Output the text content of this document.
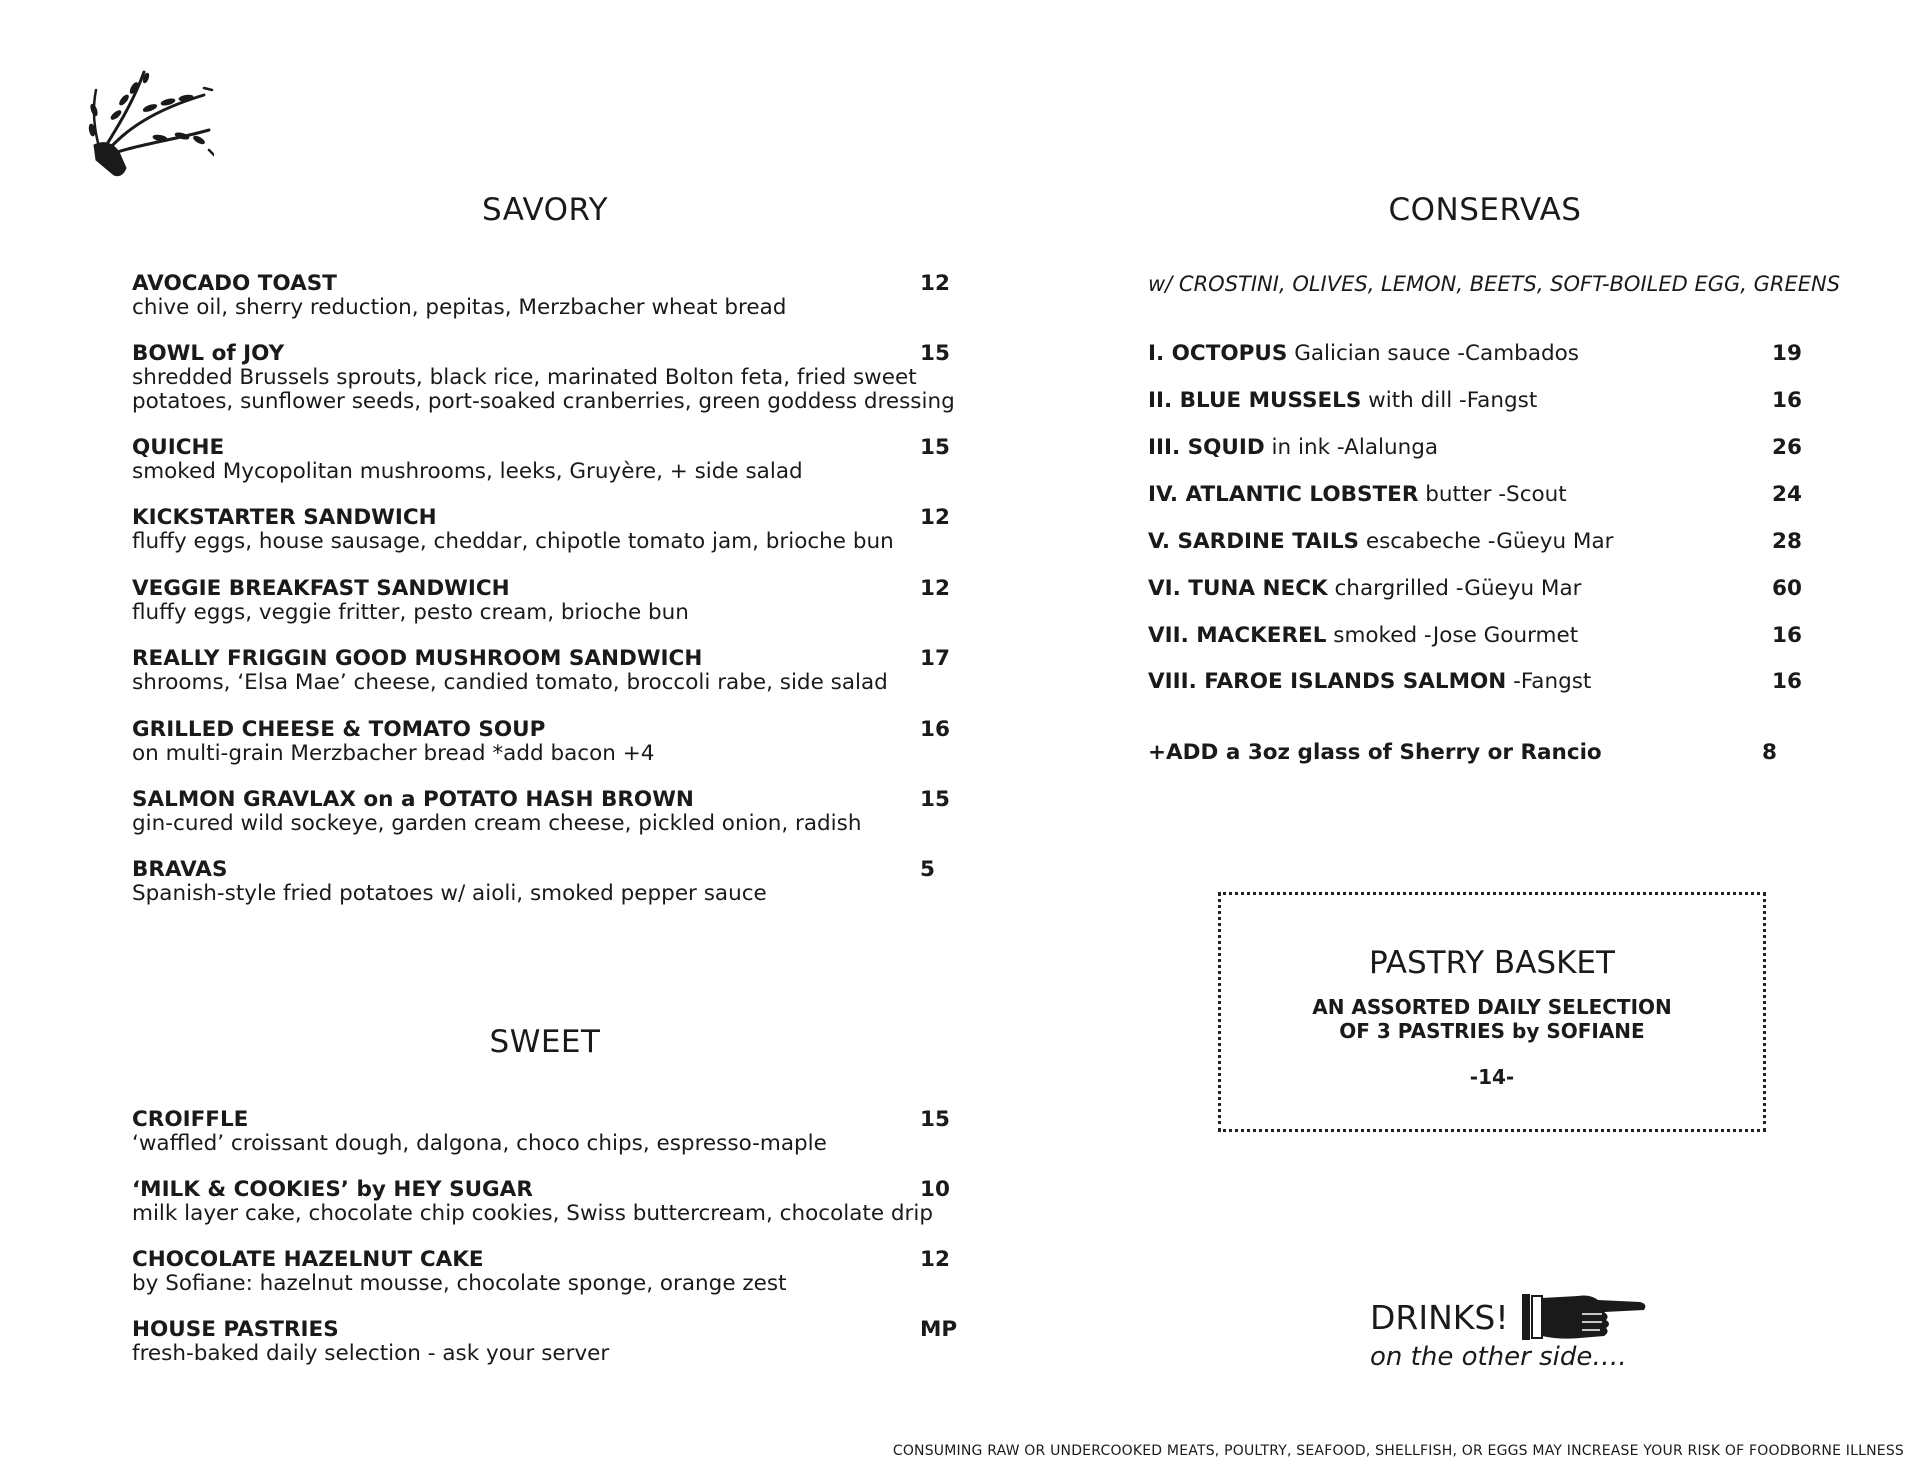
SAVORY
AVOCADO TOAST	12
chive oil, sherry reduction, pepitas, Merzbacher wheat bread
BOWL of JOY	15
shredded Brussels sprouts, black rice, marinated Bolton feta, fried sweet potatoes, sunflower seeds, port-soaked cranberries, green goddess dressing
QUICHE	15
smoked Mycopolitan mushrooms, leeks, Gruyère, + side salad
KICKSTARTER SANDWICH	12
fluffy eggs, house sausage, cheddar, chipotle tomato jam, brioche bun
VEGGIE BREAKFAST SANDWICH	12
fluffy eggs, veggie fritter, pesto cream, brioche bun
REALLY FRIGGIN GOOD MUSHROOM SANDWICH	17
shrooms, ‘Elsa Mae’ cheese, candied tomato, broccoli rabe, side salad
GRILLED CHEESE & TOMATO SOUP	16
on multi-grain Merzbacher bread *add bacon +4
SALMON GRAVLAX on a POTATO HASH BROWN	15
gin-cured wild sockeye, garden cream cheese, pickled onion, radish
BRAVAS	5
Spanish-style fried potatoes w/ aioli, smoked pepper sauce
SWEET
CROIFFLE	15
‘waffled’ croissant dough, dalgona, choco chips, espresso-maple
‘MILK & COOKIES’ by HEY SUGAR	10
milk layer cake, chocolate chip cookies, Swiss buttercream, chocolate drip
CHOCOLATE HAZELNUT CAKE	12
by Sofiane: hazelnut mousse, chocolate sponge, orange zest
HOUSE PASTRIES	MP
fresh-baked daily selection - ask your server
CONSERVAS
w/ CROSTINI, OLIVES, LEMON, BEETS, SOFT-BOILED EGG, GREENS
I. OCTOPUS Galician sauce -Cambados	19
II. BLUE MUSSELS with dill -Fangst	16
III. SQUID in ink -Alalunga	26
IV. ATLANTIC LOBSTER butter -Scout	24
V. SARDINE TAILS escabeche -Güeyu Mar	28
VI. TUNA NECK chargrilled -Güeyu Mar	60
VII. MACKEREL smoked -Jose Gourmet	16
VIII. FAROE ISLANDS SALMON -Fangst	16
+ADD a 3oz glass of Sherry or Rancio	8
PASTRY BASKET
AN ASSORTED DAILY SELECTION
OF 3 PASTRIES by SOFIANE
-14-
DRINKS!
on the other side….
CONSUMING RAW OR UNDERCOOKED MEATS, POULTRY, SEAFOOD, SHELLFISH, OR EGGS MAY INCREASE YOUR RISK OF FOODBORNE ILLNESS
